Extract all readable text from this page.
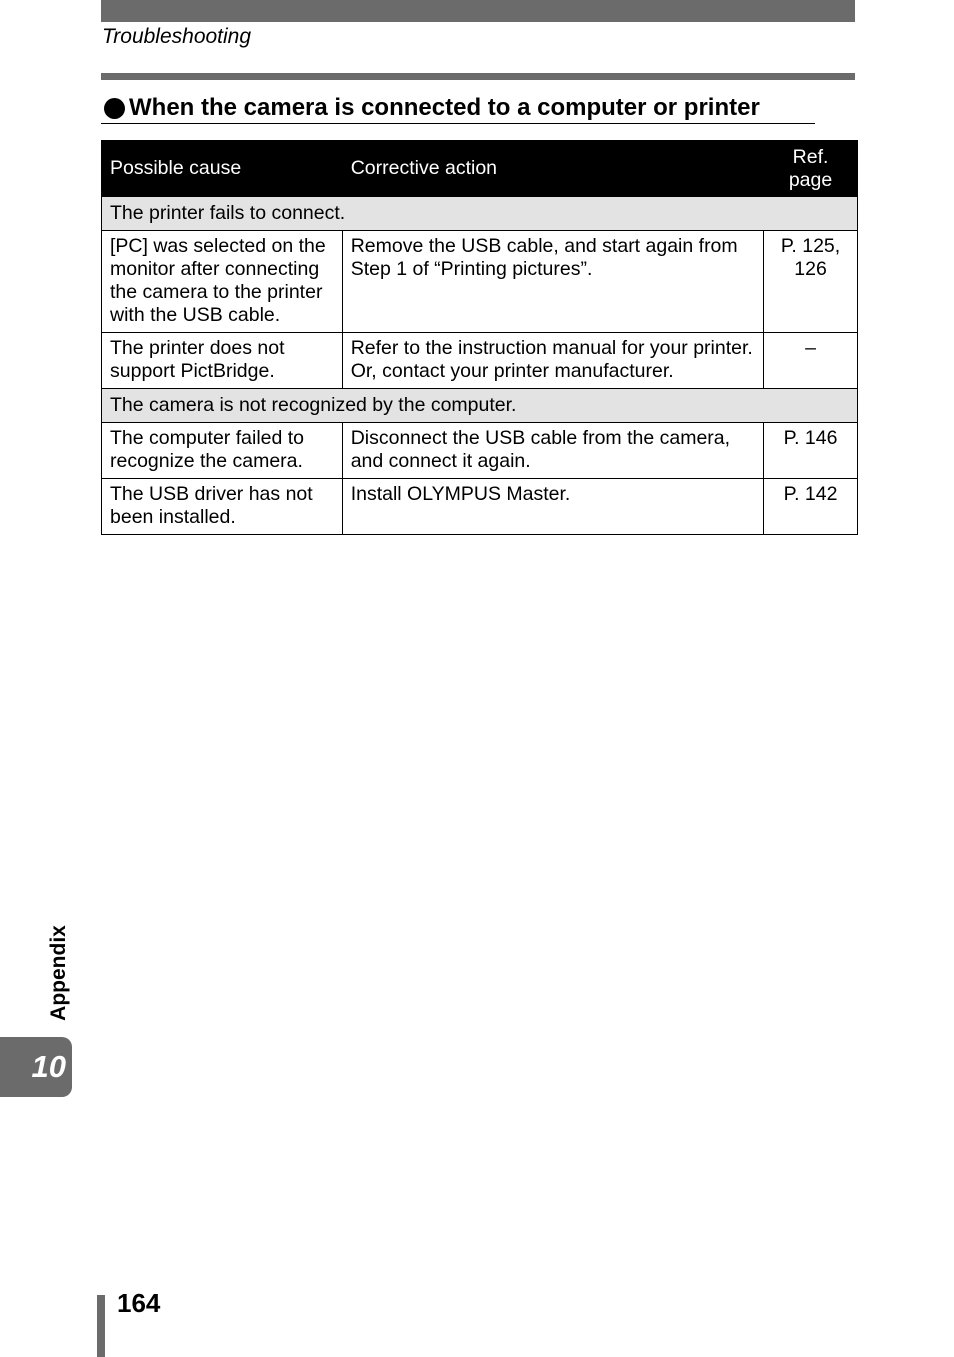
Troubleshooting
When the camera is connected to a computer or printer
Possible cause	Corrective action	Ref.
page
The printer fails to connect.		
[PC] was selected on the monitor after connecting the camera to the printer with the USB cable.	Remove the USB cable, and start again from Step 1 of “Printing pictures”.	P. 125, 126
The printer does not support PictBridge.	Refer to the instruction manual for your printer. Or, contact your printer manufacturer.	–
The camera is not recognized by the computer.		
The computer failed to recognize the camera.	Disconnect the USB cable from the camera, and connect it again.	P. 146
The USB driver has not been installed.	Install OLYMPUS Master.	P. 142
Appendix
10
164
